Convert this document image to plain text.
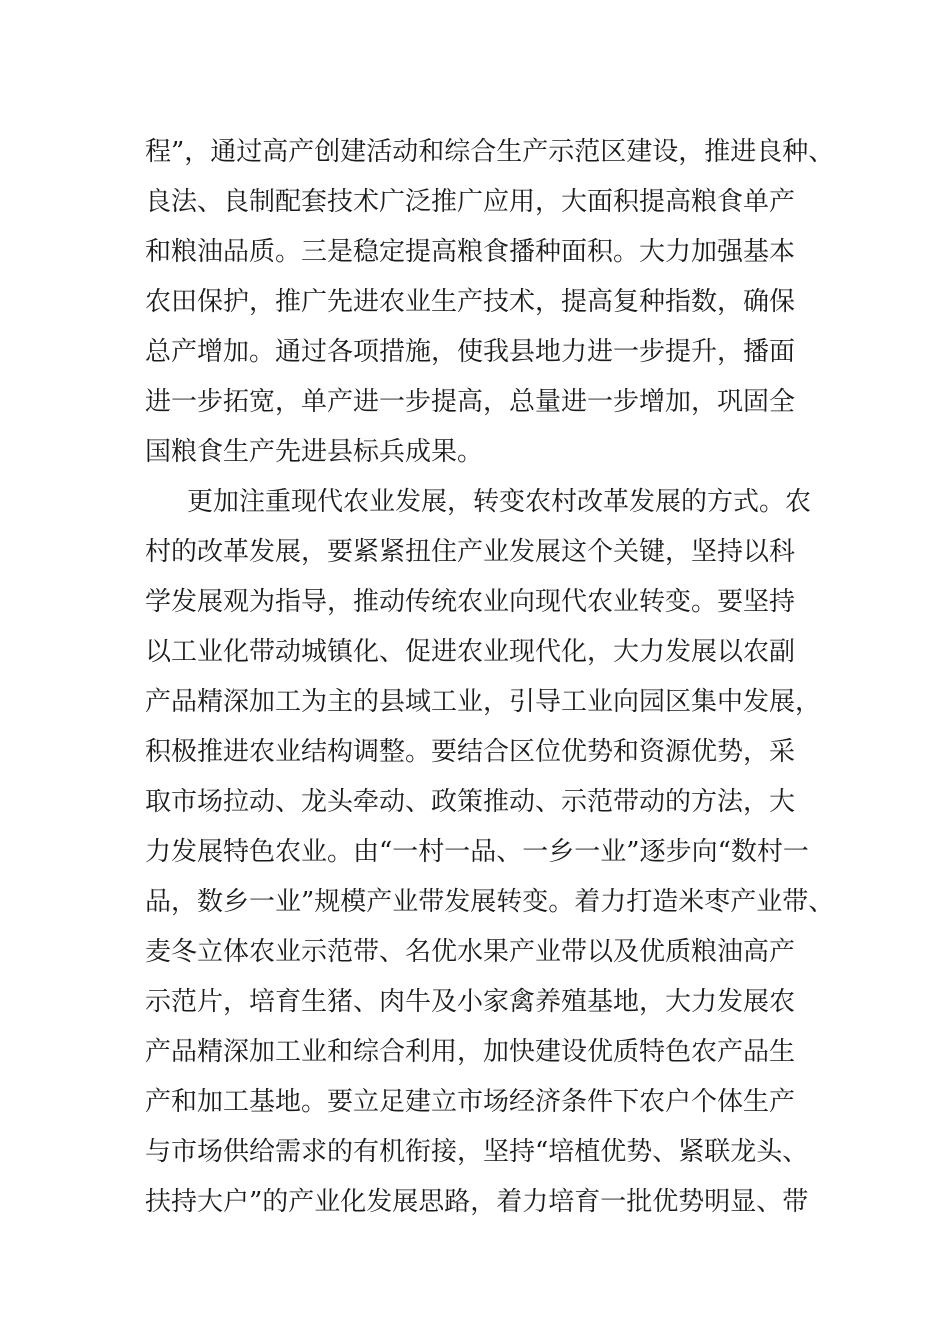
程”，通过高产创建活动和综合生产示范区建设，推进良种、
良法、良制配套技术广泛推广应用，大面积提高粮食单产
和粮油品质。三是稳定提高粮食播种面积。大力加强基本
农田保护，推广先进农业生产技术，提高复种指数，确保
总产增加。通过各项措施，使我县地力进一步提升，播面
进一步拓宽，单产进一步提高，总量进一步增加，巩固全
国粮食生产先进县标兵成果。
更加注重现代农业发展，转变农村改革发展的方式。农
村的改革发展，要紧紧扭住产业发展这个关键，坚持以科
学发展观为指导，推动传统农业向现代农业转变。要坚持
以工业化带动城镇化、促进农业现代化，大力发展以农副
产品精深加工为主的县域工业，引导工业向园区集中发展，
积极推进农业结构调整。要结合区位优势和资源优势，采
取市场拉动、龙头牵动、政策推动、示范带动的方法，大
力发展特色农业。由“一村一品、一乡一业”逐步向“数村一
品，数乡一业”规模产业带发展转变。着力打造米枣产业带、
麦冬立体农业示范带、名优水果产业带以及优质粮油高产
示范片，培育生猪、肉牛及小家禽养殖基地，大力发展农
产品精深加工业和综合利用，加快建设优质特色农产品生
产和加工基地。要立足建立市场经济条件下农户个体生产
与市场供给需求的有机衔接，坚持“培植优势、紧联龙头、
扶持大户”的产业化发展思路，着力培育一批优势明显、带
